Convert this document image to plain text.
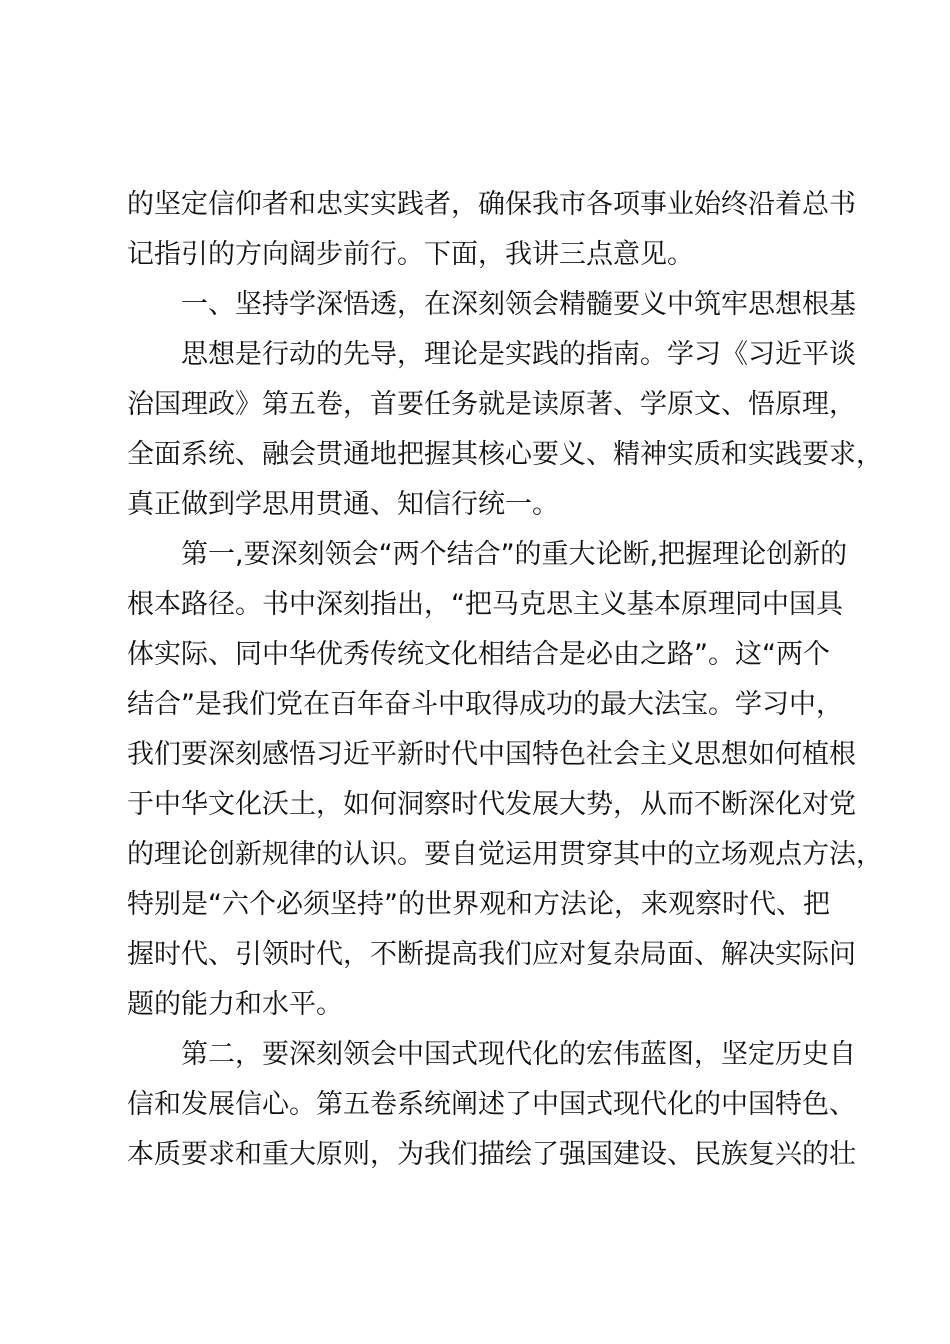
的坚定信仰者和忠实实践者，确保我市各项事业始终沿着总书
记指引的方向阔步前行。下面，我讲三点意见。
一、坚持学深悟透，在深刻领会精髓要义中筑牢思想根基
思想是行动的先导，理论是实践的指南。学习《习近平谈
治国理政》第五卷，首要任务就是读原著、学原文、悟原理，
全面系统、融会贯通地把握其核心要义、精神实质和实践要求，
真正做到学思用贯通、知信行统一。
第一,要深刻领会“两个结合”的重大论断,把握理论创新的
根本路径。书中深刻指出，“把马克思主义基本原理同中国具
体实际、同中华优秀传统文化相结合是必由之路”。这“两个
结合”是我们党在百年奋斗中取得成功的最大法宝。学习中，
我们要深刻感悟习近平新时代中国特色社会主义思想如何植根
于中华文化沃土，如何洞察时代发展大势，从而不断深化对党
的理论创新规律的认识。要自觉运用贯穿其中的立场观点方法，
特别是“六个必须坚持”的世界观和方法论，来观察时代、把
握时代、引领时代，不断提高我们应对复杂局面、解决实际问
题的能力和水平。
第二，要深刻领会中国式现代化的宏伟蓝图，坚定历史自
信和发展信心。第五卷系统阐述了中国式现代化的中国特色、
本质要求和重大原则，为我们描绘了强国建设、民族复兴的壮
